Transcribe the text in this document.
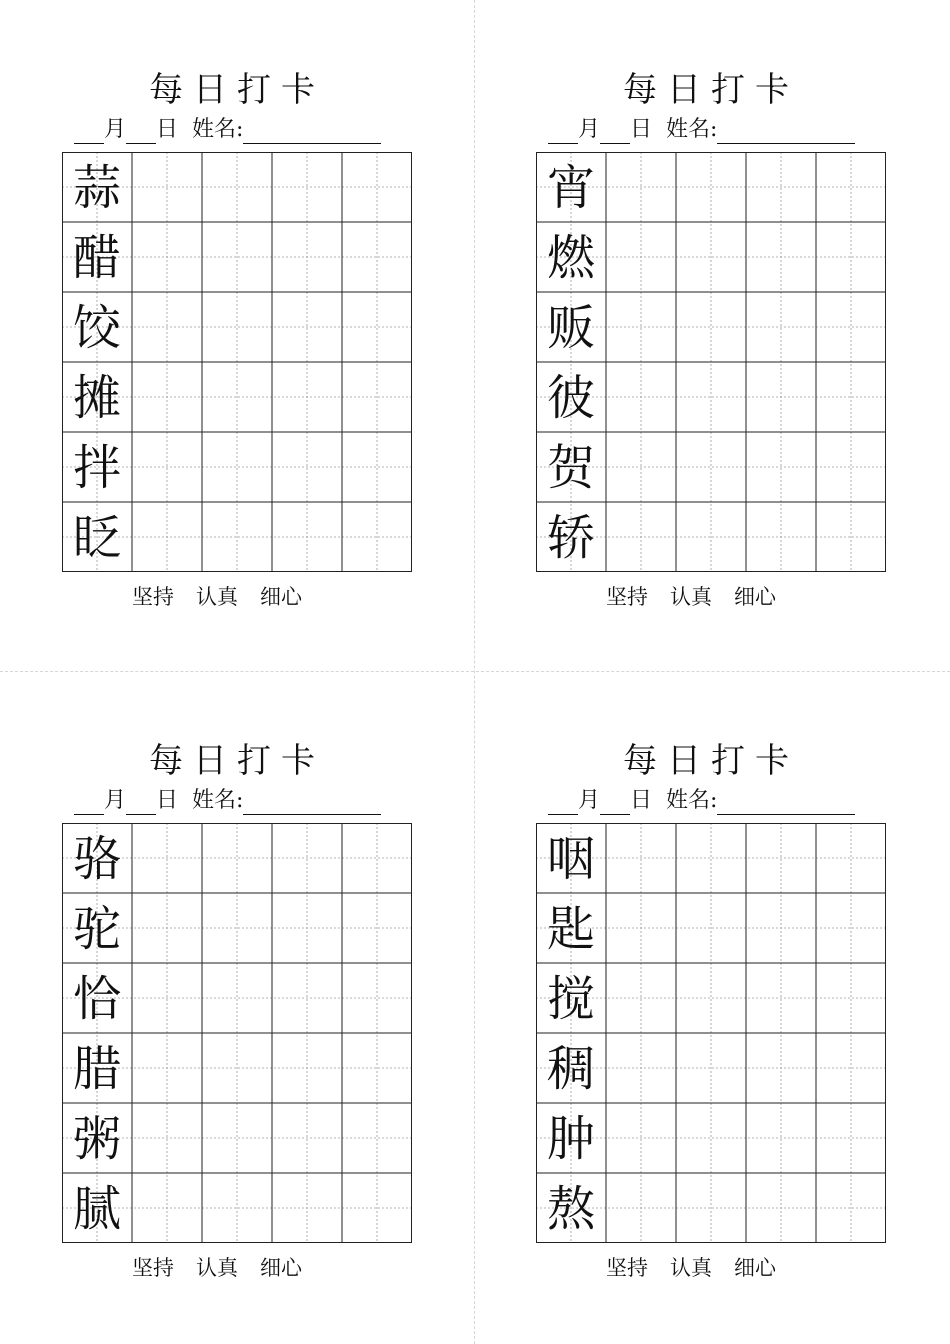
每日打卡
月 日 姓名:
蒜
醋
饺
摊
拌
眨
坚持 认真 细心
每日打卡
月 日 姓名:
宵
燃
贩
彼
贺
轿
坚持 认真 细心
每日打卡
月 日 姓名:
骆
驼
恰
腊
粥
腻
坚持 认真 细心
每日打卡
月 日 姓名:
咽
匙
搅
稠
肿
熬
坚持 认真 细心
